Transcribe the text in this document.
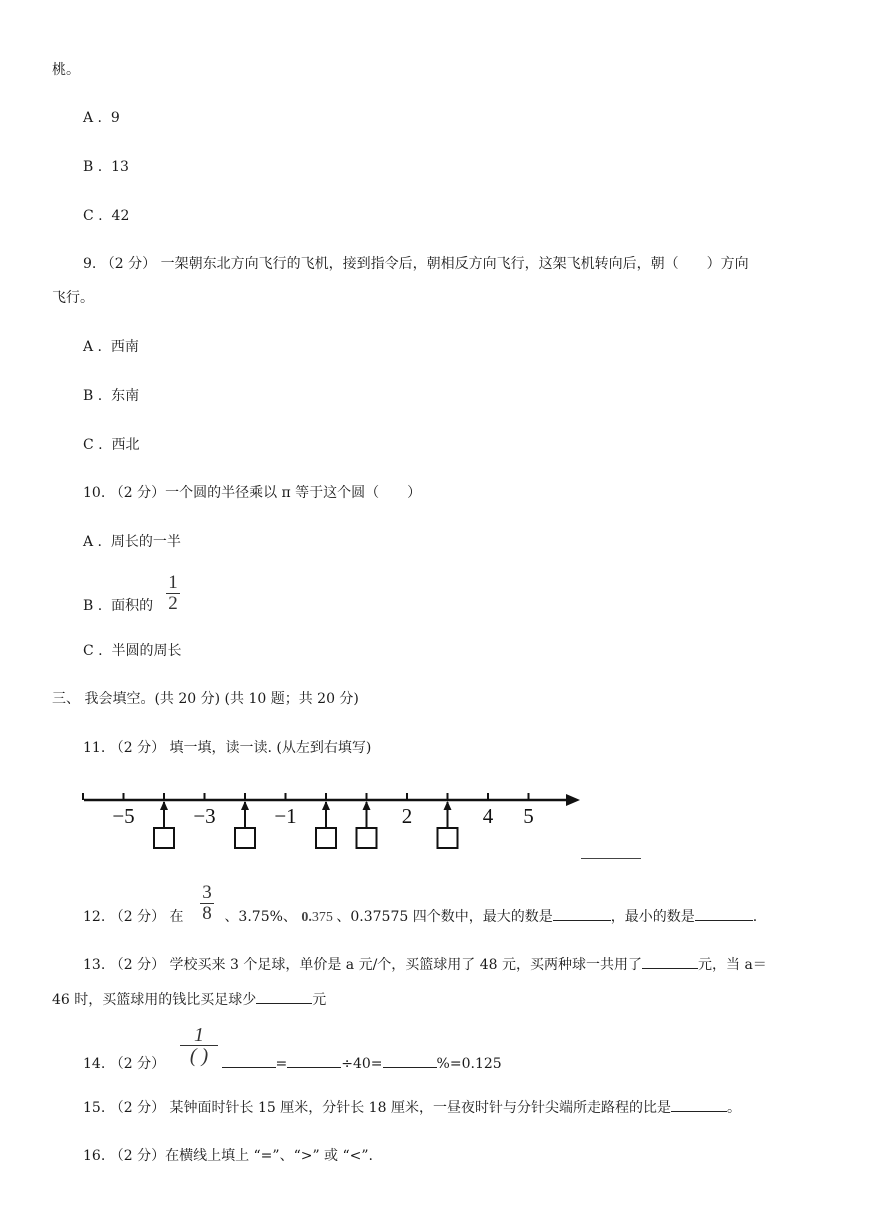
桃。
A . 9
B . 13
C . 42
9. （2 分） 一架朝东北方向飞行的飞机，接到指令后，朝相反方向飞行，这架飞机转向后，朝（　　）方向
飞行。
A . 西南
B . 东南
C . 西北
10. （2 分）一个圆的半径乘以 π 等于这个圆（　　）
A . 周长的一半
B . 面积的
1
2
C . 半圆的周长
三、 我会填空。(共 20 分) (共 10 题；共 20 分)
11. （2 分） 填一填，读一读. (从左到右填写)
−5	−3	−1	2	4 5
12. （2 分） 在	、3.75%、 0.375 、0.37575 四个数中，最大的数是	，最小的数是	.
3
8
13. （2 分） 学校买来 3 个足球，单价是 a 元/个，买篮球用了 48 元，买两种球一共用了	元，当 a＝
46 时，买篮球用的钱比买足球少	元
1
( )
14. （2 分）	=	÷40=	%=0.125
15. （2 分） 某钟面时针长 15 厘米，分针长 18 厘米，一昼夜时针与分针尖端所走路程的比是	。
16. （2 分）在横线上填上 “=”、“>” 或 “<”.
